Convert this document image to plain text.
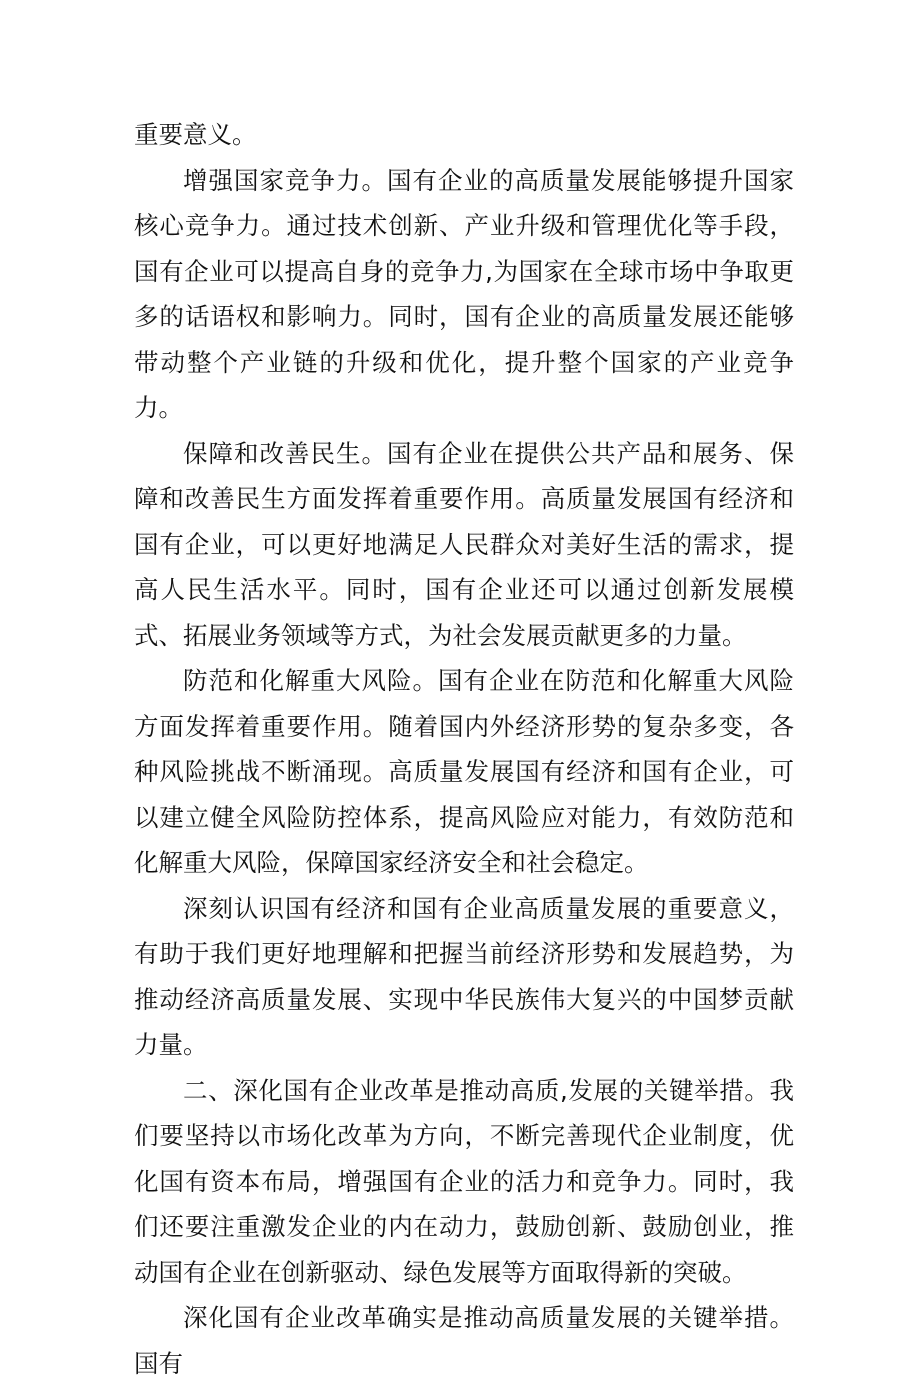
重要意义。

增强国家竞争力。国有企业的高质量发展能够提升国家核心竞争力。通过技术创新、产业升级和管理优化等手段，国有企业可以提高自身的竞争力,为国家在全球市场中争取更多的话语权和影响力。同时，国有企业的高质量发展还能够带动整个产业链的升级和优化，提升整个国家的产业竞争力。

保障和改善民生。国有企业在提供公共产品和展务、保障和改善民生方面发挥着重要作用。高质量发展国有经济和国有企业，可以更好地满足人民群众对美好生活的需求，提高人民生活水平。同时，国有企业还可以通过创新发展模式、拓展业务领域等方式，为社会发展贡献更多的力量。

防范和化解重大风险。国有企业在防范和化解重大风险方面发挥着重要作用。随着国内外经济形势的复杂多变，各种风险挑战不断涌现。高质量发展国有经济和国有企业，可以建立健全风险防控体系，提高风险应对能力，有效防范和化解重大风险，保障国家经济安全和社会稳定。

深刻认识国有经济和国有企业高质量发展的重要意义，有助于我们更好地理解和把握当前经济形势和发展趋势，为推动经济高质量发展、实现中华民族伟大复兴的中国梦贡献力量。

二、深化国有企业改革是推动高质,发展的关键举措。我们要坚持以市场化改革为方向，不断完善现代企业制度，优化国有资本布局，增强国有企业的活力和竞争力。同时，我们还要注重激发企业的内在动力，鼓励创新、鼓励创业，推动国有企业在创新驱动、绿色发展等方面取得新的突破。

深化国有企业改革确实是推动高质量发展的关键举措。国有
